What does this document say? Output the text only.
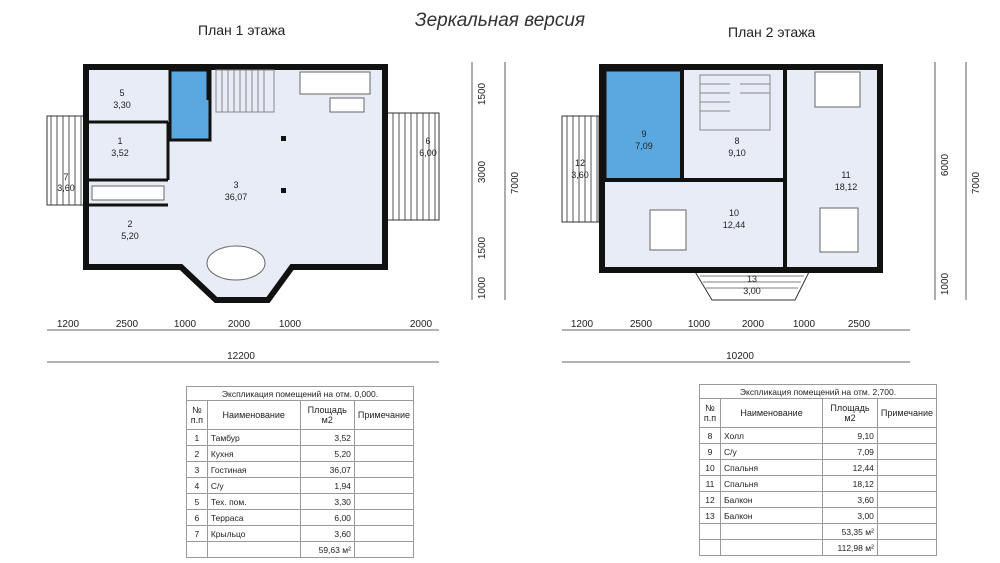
Зеркальная версия
План 1 этажа	План 2 этажа
5
3,30
1
3,52
7
3,60
2
5,20
3
36,07
6
6,00
1200	2500	1000	2000	1000	2000
12200
1500
3000
1500
1000
7000
9
7,09	8
9,10
12
3,60
10
12,44
11
18,12
13
3,00
1200	2500	1000	2000	1000	2500
10200
6000
1000
7000
Экспликация помещений на отм. 0,000.			
№ п.п	Наименование	Площадь м2	Примечание
1	Тамбур	3,52	
2	Кухня	5,20	
3	Гостиная	36,07	
4	С/у	1,94	
5	Тех. пом.	3,30	
6	Терраса	6,00	
7	Крыльцо	3,60	
		59,63 м²	
Экспликация помещений на отм. 2,700.			
№ п.п	Наименование	Площадь м2	Примечание
8	Холл	9,10	
9	С/у	7,09	
10	Спальня	12,44	
11	Спальня	18,12	
12	Балкон	3,60	
13	Балкон	3,00	
		53,35 м²	
		112,98 м²	
